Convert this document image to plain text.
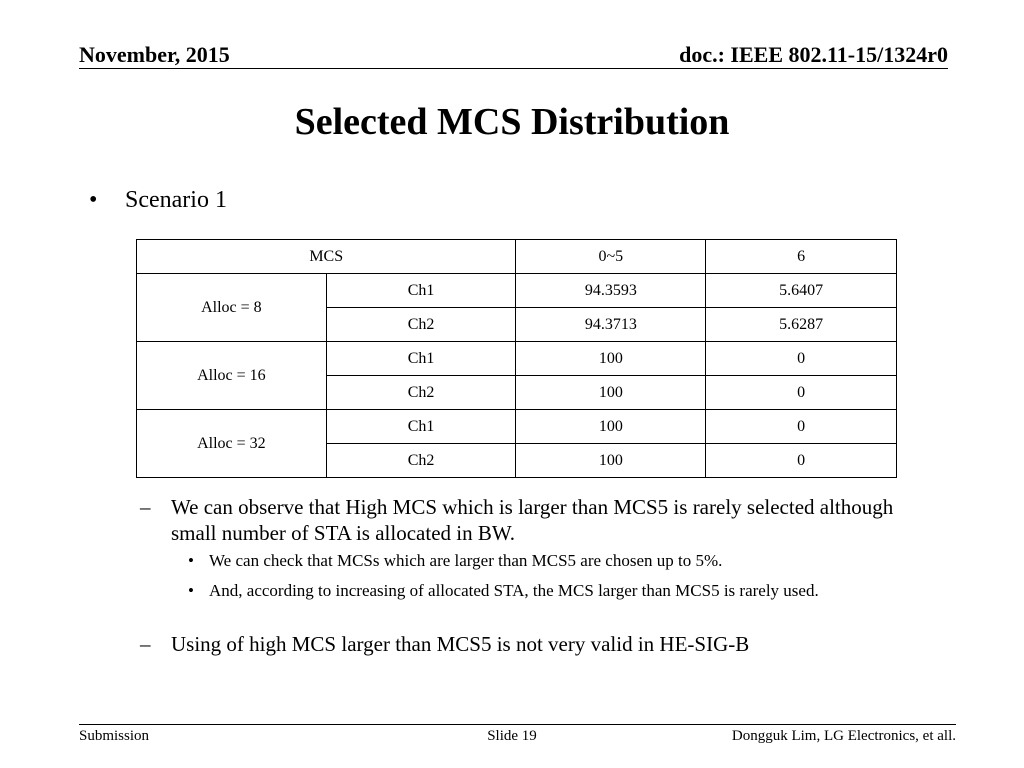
November, 2015	doc.: IEEE 802.11-15/1324r0
Selected MCS Distribution
• Scenario 1
MCS		0~5	6
Alloc = 8	Ch1	94.3593	5.6407
	Ch2	94.3713	5.6287
Alloc = 16	Ch1	100	0
	Ch2	100	0
Alloc = 32	Ch1	100	0
	Ch2	100	0
– We can observe that High MCS which is larger than MCS5 is rarely selected although small number of STA is allocated in BW.
• We can check that MCSs which are larger than MCS5 are chosen up to 5%.
• And, according to increasing of allocated STA, the MCS larger than MCS5 is rarely used.
– Using of high MCS larger than MCS5 is not very valid in HE-SIG-B
Submission	Slide 19	Dongguk Lim, LG Electronics, et all.
